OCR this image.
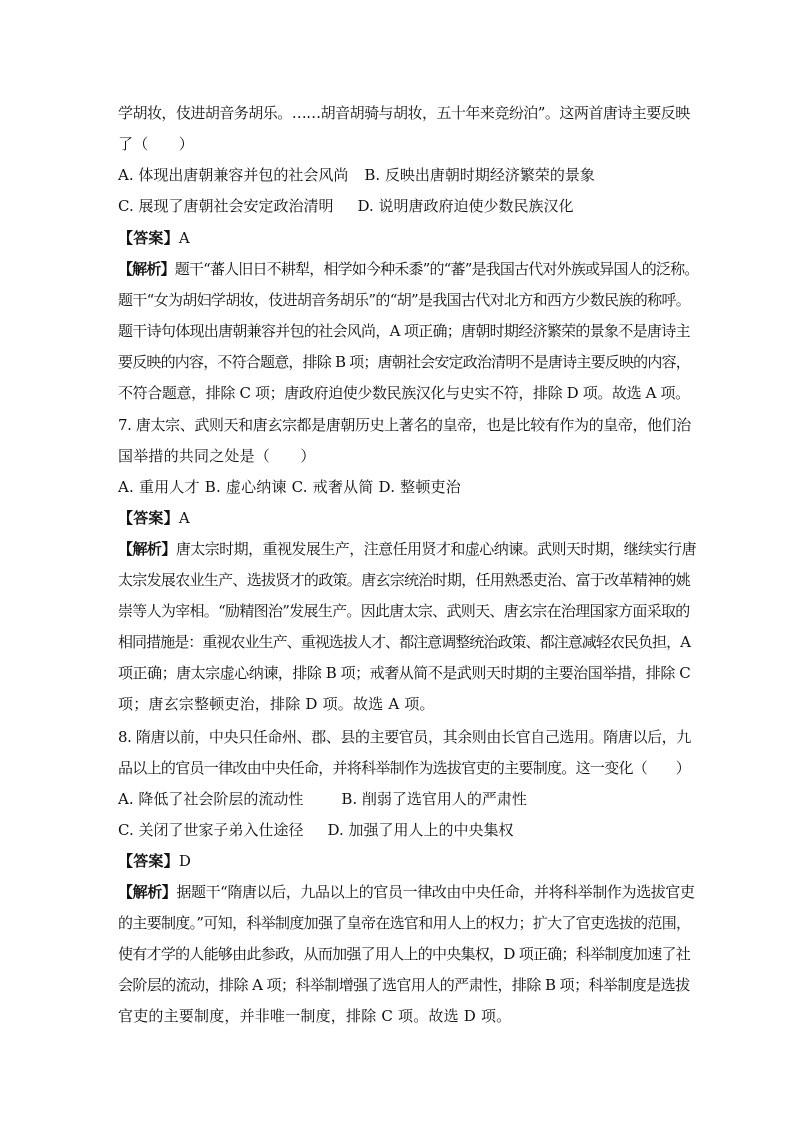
学胡妆，伎进胡音务胡乐。……胡音胡骑与胡妆，五十年来竞纷泊”。这两首唐诗主要反映
了（　　）
A. 体现出唐朝兼容并包的社会风尚 B. 反映出唐朝时期经济繁荣的景象
C. 展现了唐朝社会安定政治清明 D. 说明唐政府迫使少数民族汉化
【答案】A
【解析】题干“蕃人旧日不耕犁，相学如今种禾黍”的“蕃”是我国古代对外族或异国人的泛称。
题干“女为胡妇学胡妆，伎进胡音务胡乐”的“胡”是我国古代对北方和西方少数民族的称呼。
题干诗句体现出唐朝兼容并包的社会风尚，A 项正确；唐朝时期经济繁荣的景象不是唐诗主
要反映的内容，不符合题意，排除 B 项；唐朝社会安定政治清明不是唐诗主要反映的内容，
不符合题意，排除 C 项；唐政府迫使少数民族汉化与史实不符，排除 D 项。故选 A 项。
7. 唐太宗、武则天和唐玄宗都是唐朝历史上著名的皇帝，也是比较有作为的皇帝，他们治
国举措的共同之处是（　　）
A. 重用人才 B. 虚心纳谏 C. 戒奢从简 D. 整顿吏治
【答案】A
【解析】唐太宗时期，重视发展生产，注意任用贤才和虚心纳谏。武则天时期，继续实行唐
太宗发展农业生产、选拔贤才的政策。唐玄宗统治时期，任用熟悉吏治、富于改革精神的姚
崇等人为宰相。“励精图治”发展生产。因此唐太宗、武则天、唐玄宗在治理国家方面采取的
相同措施是：重视农业生产、重视选拔人才、都注意调整统治政策、都注意减轻农民负担，A
项正确；唐太宗虚心纳谏，排除 B 项；戒奢从简不是武则天时期的主要治国举措，排除 C
项；唐玄宗整顿吏治，排除 D 项。故选 A 项。
8. 隋唐以前，中央只任命州、郡、县的主要官员，其余则由长官自己选用。隋唐以后，九
品以上的官员一律改由中央任命，并将科举制作为选拔官吏的主要制度。这一变化（　　）
A. 降低了社会阶层的流动性	B. 削弱了选官用人的严肃性
C. 关闭了世家子弟入仕途径 D. 加强了用人上的中央集权
【答案】D
【解析】据题干“隋唐以后，九品以上的官员一律改由中央任命，并将科举制作为选拔官吏
的主要制度。”可知，科举制度加强了皇帝在选官和用人上的权力；扩大了官吏选拔的范围，
使有才学的人能够由此参政，从而加强了用人上的中央集权，D 项正确；科举制度加速了社
会阶层的流动，排除 A 项；科举制增强了选官用人的严肃性，排除 B 项；科举制度是选拔
官吏的主要制度，并非唯一制度，排除 C 项。故选 D 项。
